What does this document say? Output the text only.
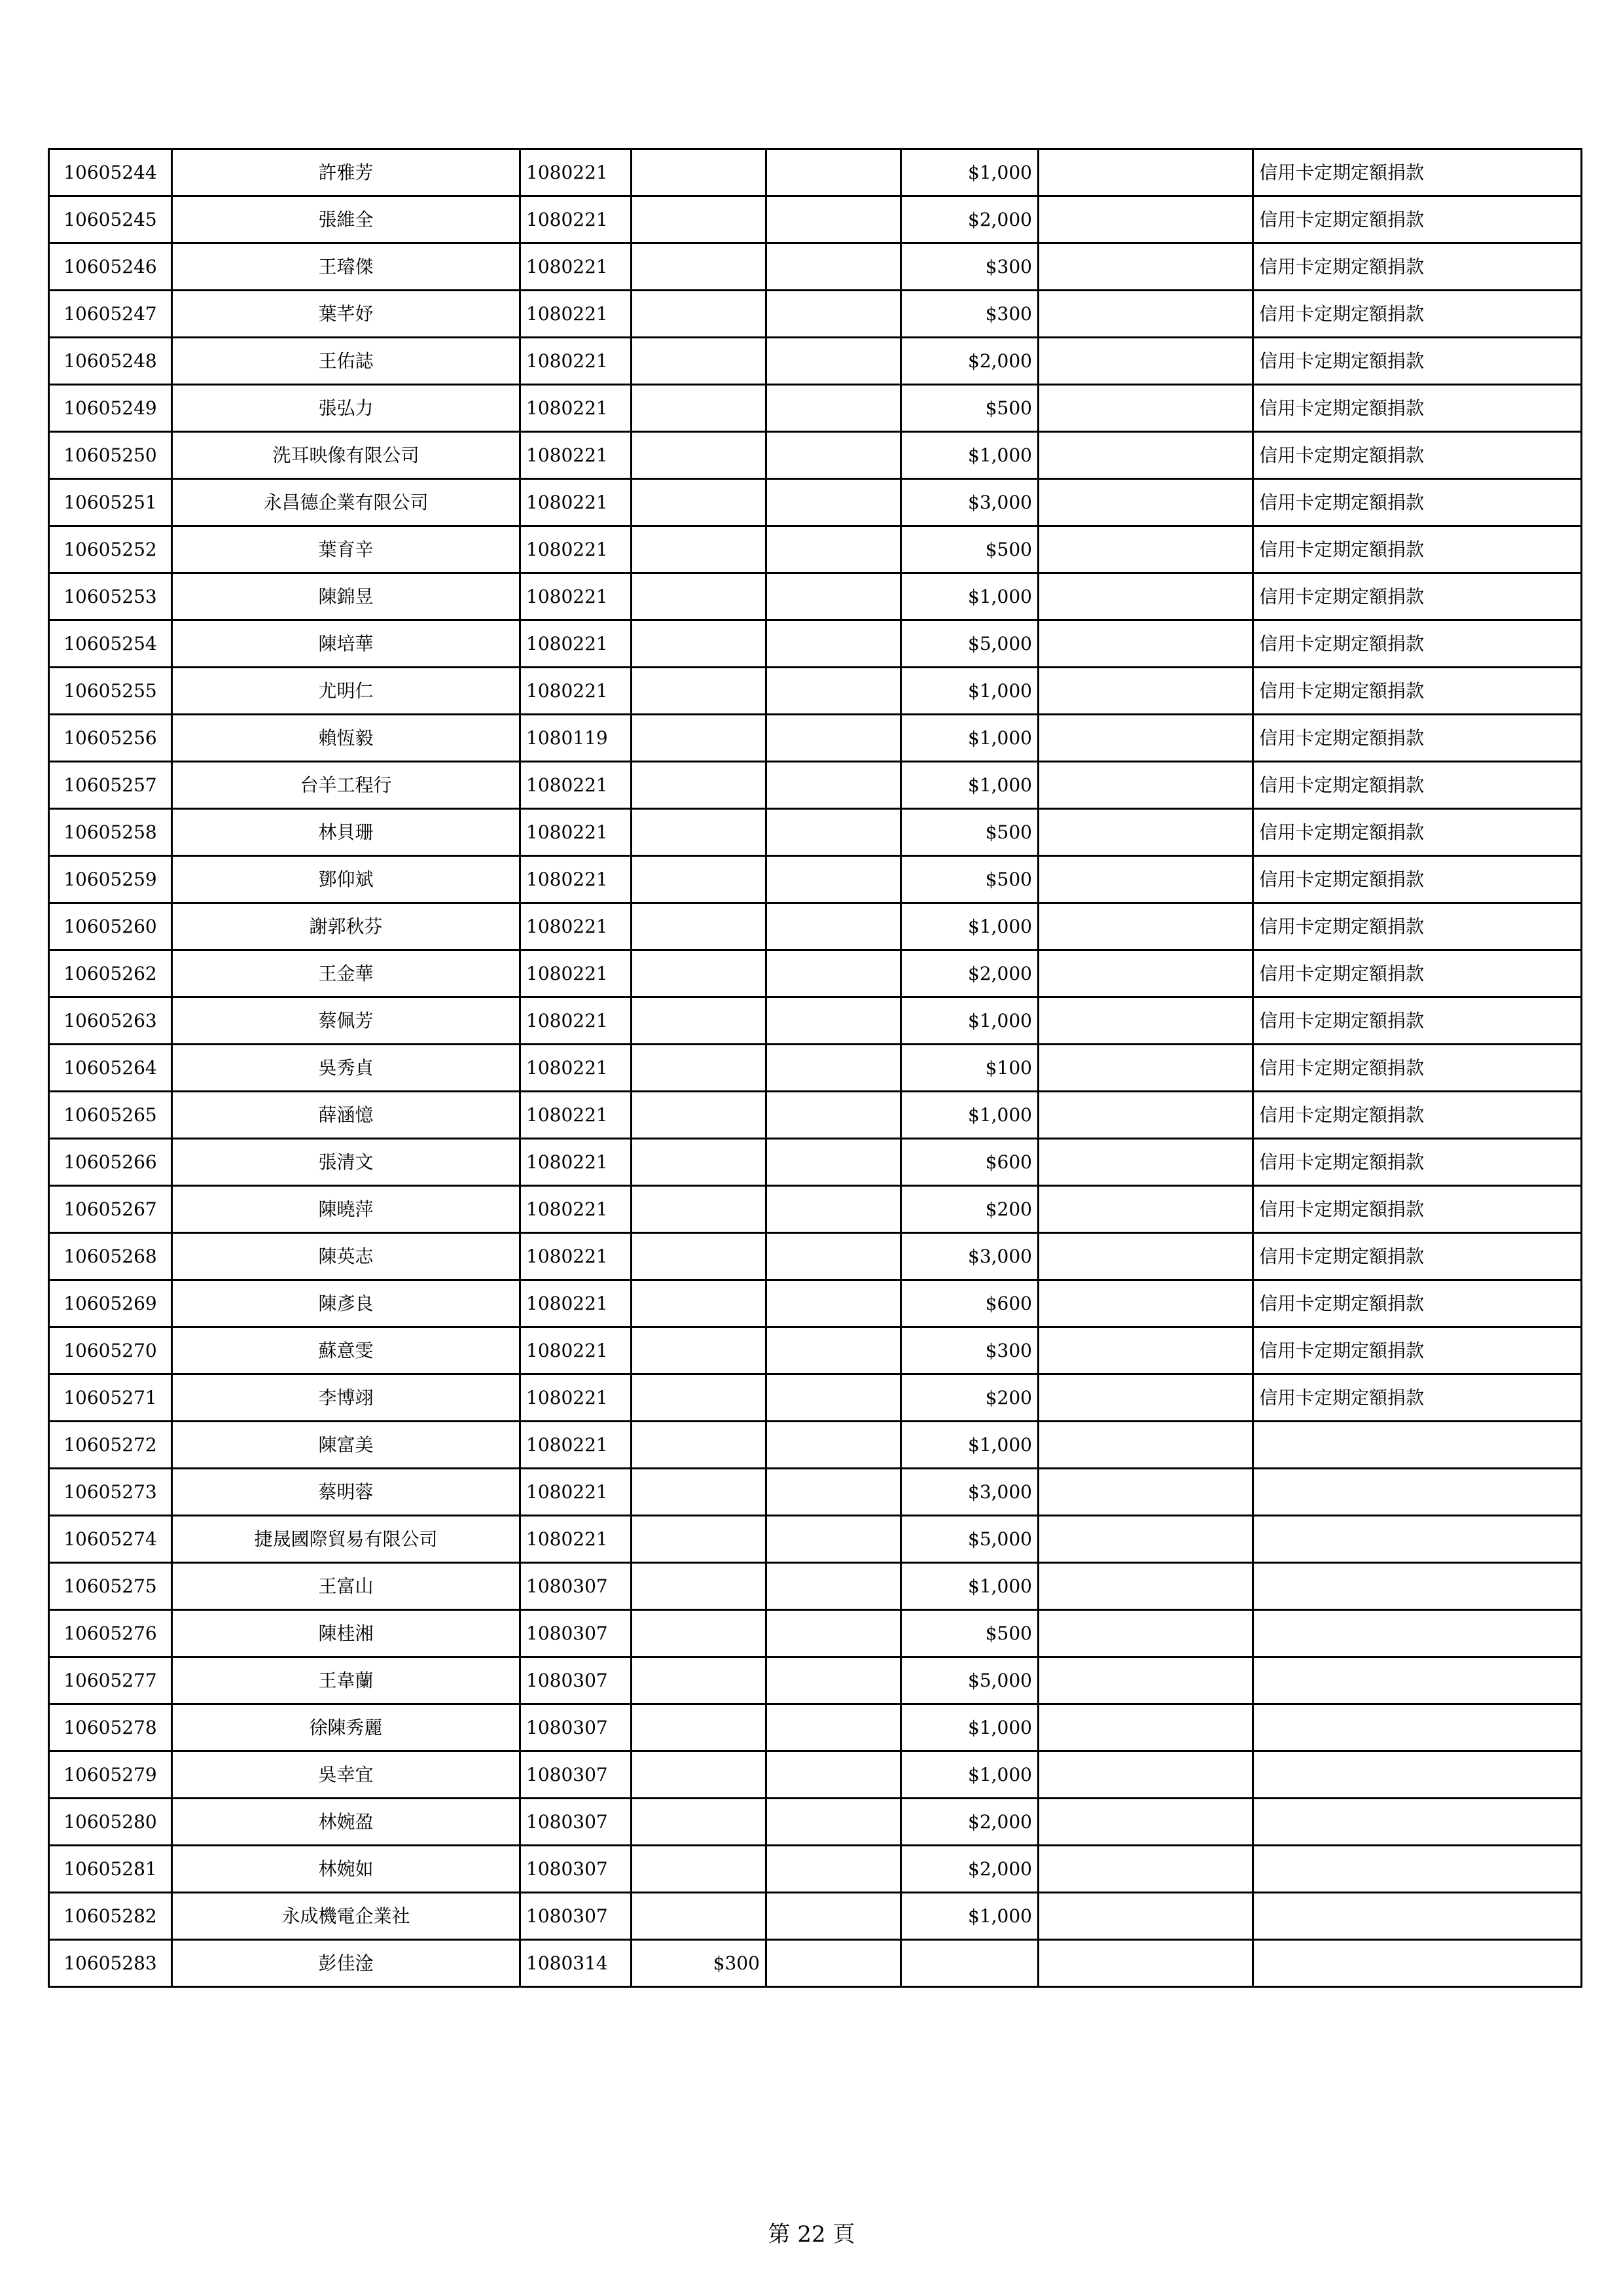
10605244	許雅芳	1080221			$1,000		信用卡定期定額捐款
10605245	張維全	1080221			$2,000		信用卡定期定額捐款
10605246	王璿傑	1080221			$300		信用卡定期定額捐款
10605247	葉芊妤	1080221			$300		信用卡定期定額捐款
10605248	王佑誌	1080221			$2,000		信用卡定期定額捐款
10605249	張弘力	1080221			$500		信用卡定期定額捐款
10605250	洗耳映像有限公司	1080221			$1,000		信用卡定期定額捐款
10605251	永昌德企業有限公司	1080221			$3,000		信用卡定期定額捐款
10605252	葉育辛	1080221			$500		信用卡定期定額捐款
10605253	陳錦昱	1080221			$1,000		信用卡定期定額捐款
10605254	陳培華	1080221			$5,000		信用卡定期定額捐款
10605255	尤明仁	1080221			$1,000		信用卡定期定額捐款
10605256	賴恆毅	1080119			$1,000		信用卡定期定額捐款
10605257	台羊工程行	1080221			$1,000		信用卡定期定額捐款
10605258	林貝珊	1080221			$500		信用卡定期定額捐款
10605259	鄧仰斌	1080221			$500		信用卡定期定額捐款
10605260	謝郭秋芬	1080221			$1,000		信用卡定期定額捐款
10605262	王金華	1080221			$2,000		信用卡定期定額捐款
10605263	蔡佩芳	1080221			$1,000		信用卡定期定額捐款
10605264	吳秀貞	1080221			$100		信用卡定期定額捐款
10605265	薛涵憶	1080221			$1,000		信用卡定期定額捐款
10605266	張清文	1080221			$600		信用卡定期定額捐款
10605267	陳曉萍	1080221			$200		信用卡定期定額捐款
10605268	陳英志	1080221			$3,000		信用卡定期定額捐款
10605269	陳彥良	1080221			$600		信用卡定期定額捐款
10605270	蘇意雯	1080221			$300		信用卡定期定額捐款
10605271	李博翊	1080221			$200		信用卡定期定額捐款
10605272	陳富美	1080221			$1,000		
10605273	蔡明蓉	1080221			$3,000		
10605274	捷晟國際貿易有限公司	1080221			$5,000		
10605275	王富山	1080307			$1,000		
10605276	陳桂湘	1080307			$500		
10605277	王韋蘭	1080307			$5,000		
10605278	徐陳秀麗	1080307			$1,000		
10605279	吳幸宜	1080307			$1,000		
10605280	林婉盈	1080307			$2,000		
10605281	林婉如	1080307			$2,000		
10605282	永成機電企業社	1080307			$1,000		
10605283	彭佳淦	1080314	$300				
第 22 頁
